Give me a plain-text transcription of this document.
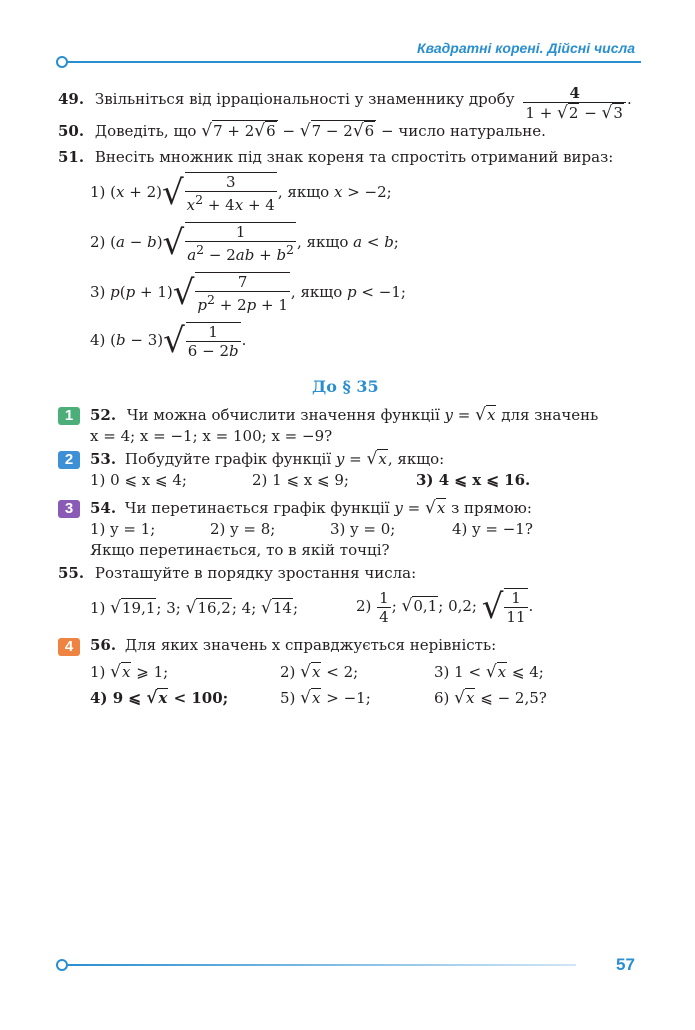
Квадратні корені. Дійсні числа
49. Звільніться від ірраціональності у знаменнику дробу $\frac{4}{1 + √2 - √3}$ .
50. Доведіть, що √7 + 2√6 − √7 − 2√6 − число натуральне.
51. Внесіть множник під знак кореня та спростіть отриманий вираз:
1) $(x + 2)√ \frac{3}{x^2 + 4x + 4}$ , якщо x > −2;
2) $(a - b)√ \frac{1}{a^2 - 2ab + b^2}$ , якщо a < b;
3) $p(p + 1)√ \frac{7}{p^2 + 2p + 1}$ , якщо p < −1;
4) $(b - 3)√ \frac{1}{6 - 2b}$ .
До § 35
1	52. Чи можна обчислити значення функції y = √x для значень
x = 4; x = −1; x = 100; x = −9?
2	53. Побудуйте графік функції y = √x, якщо:
1) 0 ⩽ x ⩽ 4;	2) 1 ⩽ x ⩽ 9;	3) 4 ⩽ x ⩽ 16.
3	54. Чи перетинається графік функції y = √x з прямою:
1) y = 1;	2) y = 8;	3) y = 0;	4) y = −1?
Якщо перетинається, то в якій точці?
55. Розташуйте в порядку зростання числа:
1) √19,1; 3; √16,2; 4; √14;	$2) \frac{1}{4}$ ; √0,1; 0,2; √ $\frac{1}{11}$ .
4	56. Для яких значень x справджується нерівність:
1) √x ⩾ 1;	2) √x < 2;	3) 1 < √x ⩽ 4;
4) 9 ⩽ √x < 100;	5) √x > −1;	6) √x ⩽ − 2,5?
57
